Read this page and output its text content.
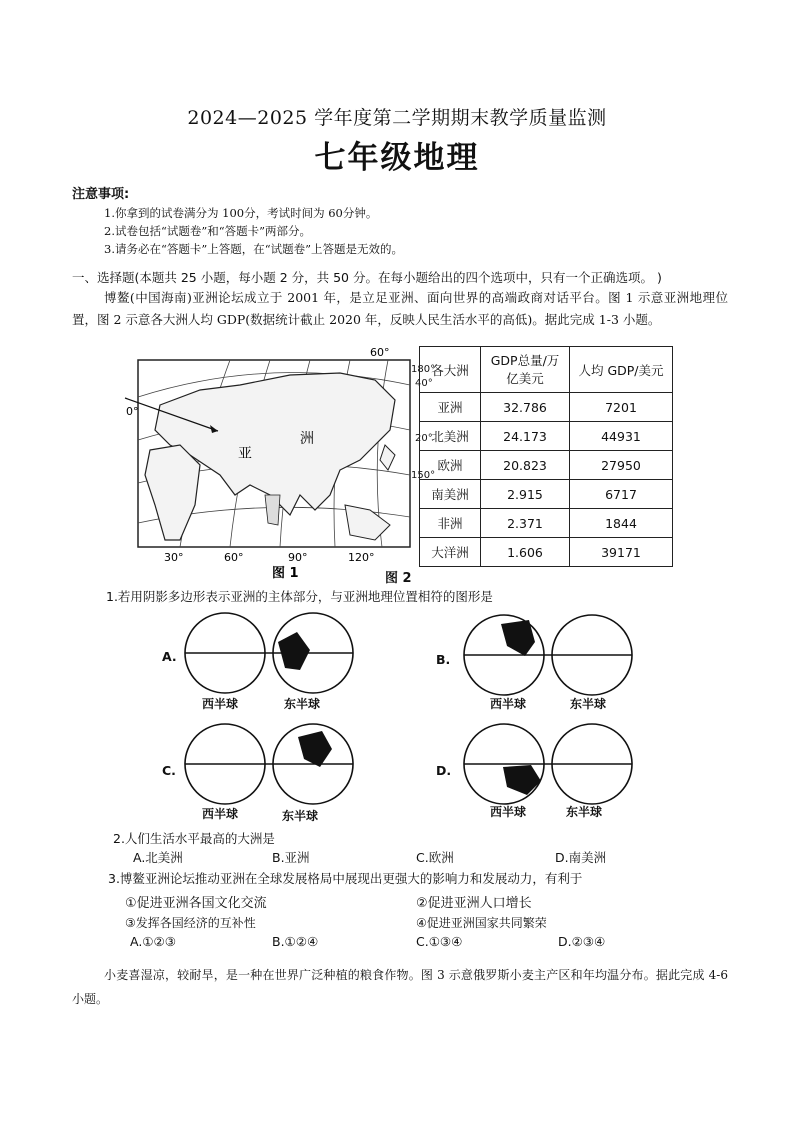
2024—2025 学年度第二学期期末教学质量监测
七年级地理
注意事项:
1.你拿到的试卷满分为 100分，考试时间为 60分钟。
2.试卷包括“试题卷”和“答题卡”两部分。
3.请务必在“答题卡”上答题，在“试题卷”上答题是无效的。
一、选择题(本题共 25 小题，每小题 2 分，共 50 分。在每小题给出的四个选项中，只有一个正确选项。 )
博鳌(中国海南)亚洲论坛成立于 2001 年，是立足亚洲、面向世界的高端政商对话平台。图 1 示意亚洲地理位置，图 2 示意各大洲人均 GDP(数据统计截止 2020 年，反映人民生活水平的高低)。据此完成 1-3 小题。
60°
0°
30°	60°	90°	120°
亚
洲
图 1
180°
40°
20°
150°
各大洲	GDP总量/万亿美元	人均 GDP/美元
亚洲	32.786	7201
北美洲	24.173	44931
欧洲	20.823	27950
南美洲	2.915	6717
非洲	2.371	1844
大洋洲	1.606	39171
图 2
1.若用阴影多边形表示亚洲的主体部分，与亚洲地理位置相符的图形是
A.
西半球	东半球
B.
西半球	东半球
C.
西半球	东半球
D.
西半球	东半球
2.人们生活水平最高的大洲是
A.北美洲	B.亚洲	C.欧洲	D.南美洲
3.博鳌亚洲论坛推动亚洲在全球发展格局中展现出更强大的影响力和发展动力，有利于
①促进亚洲各国文化交流	②促进亚洲人口增长
③发挥各国经济的互补性	④促进亚洲国家共同繁荣
A.①②③	B.①②④	C.①③④	D.②③④
小麦喜湿凉，较耐旱，是一种在世界广泛种植的粮食作物。图 3 示意俄罗斯小麦主产区和年均温分布。据此完成 4-6 小题。
